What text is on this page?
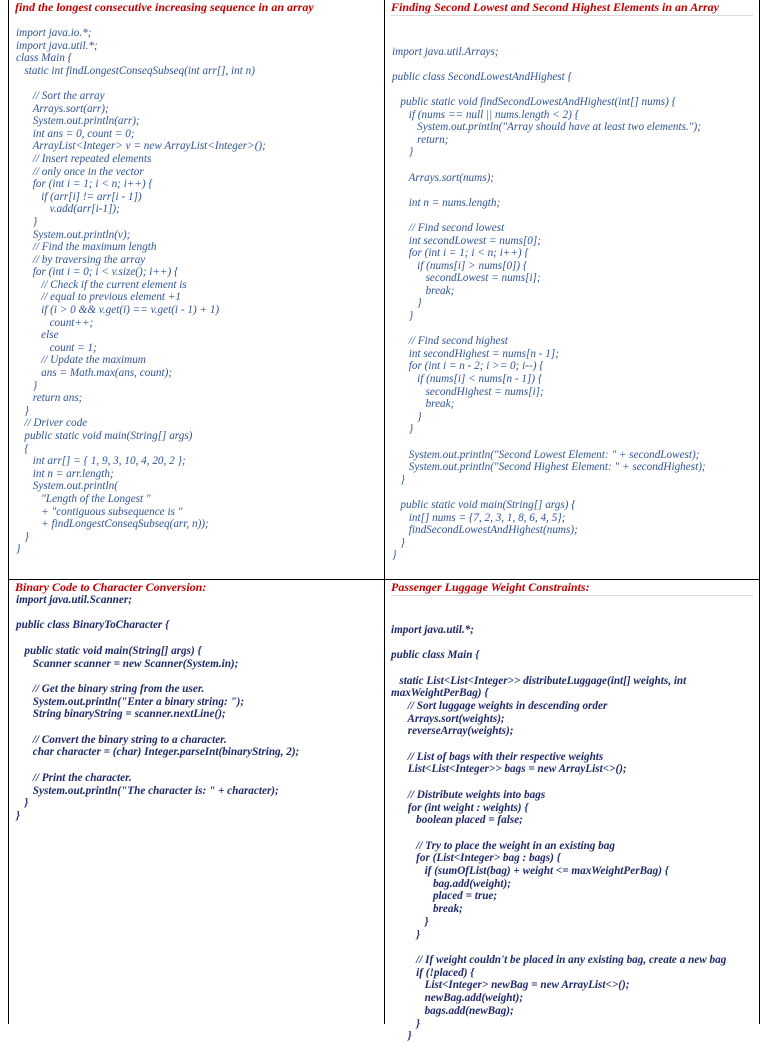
find the longest consecutive increasing sequence in an array
import java.io.*;
import java.util.*;
class Main {
static int findLongestConseqSubseq(int arr[], int n)

// Sort the array
Arrays.sort(arr);
System.out.println(arr);
int ans = 0, count = 0;
ArrayList<Integer> v = new ArrayList<Integer>();
// Insert repeated elements
// only once in the vector
for (int i = 1; i < n; i++) {
if (arr[i] != arr[i - 1])
v.add(arr[i-1]);
}
System.out.println(v);
// Find the maximum length
// by traversing the array
for (int i = 0; i < v.size(); i++) {
// Check if the current element is
// equal to previous element +1
if (i > 0 && v.get(i) == v.get(i - 1) + 1)
count++;
else
count = 1;
// Update the maximum
ans = Math.max(ans, count);
}
return ans;
}
// Driver code
public static void main(String[] args)
{
int arr[] = { 1, 9, 3, 10, 4, 20, 2 };
int n = arr.length;
System.out.println(
"Length of the Longest "
+ "contiguous subsequence is "
+ findLongestConseqSubseq(arr, n));
}
}
Finding Second Lowest and Second Highest Elements in an Array

import java.util.Arrays;

public class SecondLowestAndHighest {

public static void findSecondLowestAndHighest(int[] nums) {
if (nums == null || nums.length < 2) {
System.out.println("Array should have at least two elements.");
return;
}

Arrays.sort(nums);

int n = nums.length;

// Find second lowest
int secondLowest = nums[0];
for (int i = 1; i < n; i++) {
if (nums[i] > nums[0]) {
secondLowest = nums[i];
break;
}
}

// Find second highest
int secondHighest = nums[n - 1];
for (int i = n - 2; i >= 0; i--) {
if (nums[i] < nums[n - 1]) {
secondHighest = nums[i];
break;
}
}

System.out.println("Second Lowest Element: " + secondLowest);
System.out.println("Second Highest Element: " + secondHighest);
}

public static void main(String[] args) {
int[] nums = {7, 2, 3, 1, 8, 6, 4, 5};
findSecondLowestAndHighest(nums);
}
}
Binary Code to Character Conversion:
import java.util.Scanner;

public class BinaryToCharacter {

public static void main(String[] args) {
Scanner scanner = new Scanner(System.in);

// Get the binary string from the user.
System.out.println("Enter a binary string: ");
String binaryString = scanner.nextLine();

// Convert the binary string to a character.
char character = (char) Integer.parseInt(binaryString, 2);

// Print the character.
System.out.println("The character is: " + character);
}
}
Passenger Luggage Weight Constraints:

import java.util.*;

public class Main {

static List<List<Integer>> distributeLuggage(int[] weights, int
maxWeightPerBag) {
// Sort luggage weights in descending order
Arrays.sort(weights);
reverseArray(weights);

// List of bags with their respective weights
List<List<Integer>> bags = new ArrayList<>();

// Distribute weights into bags
for (int weight : weights) {
boolean placed = false;

// Try to place the weight in an existing bag
for (List<Integer> bag : bags) {
if (sumOfList(bag) + weight <= maxWeightPerBag) {
bag.add(weight);
placed = true;
break;
}
}

// If weight couldn't be placed in any existing bag, create a new bag
if (!placed) {
List<Integer> newBag = new ArrayList<>();
newBag.add(weight);
bags.add(newBag);
}
}
